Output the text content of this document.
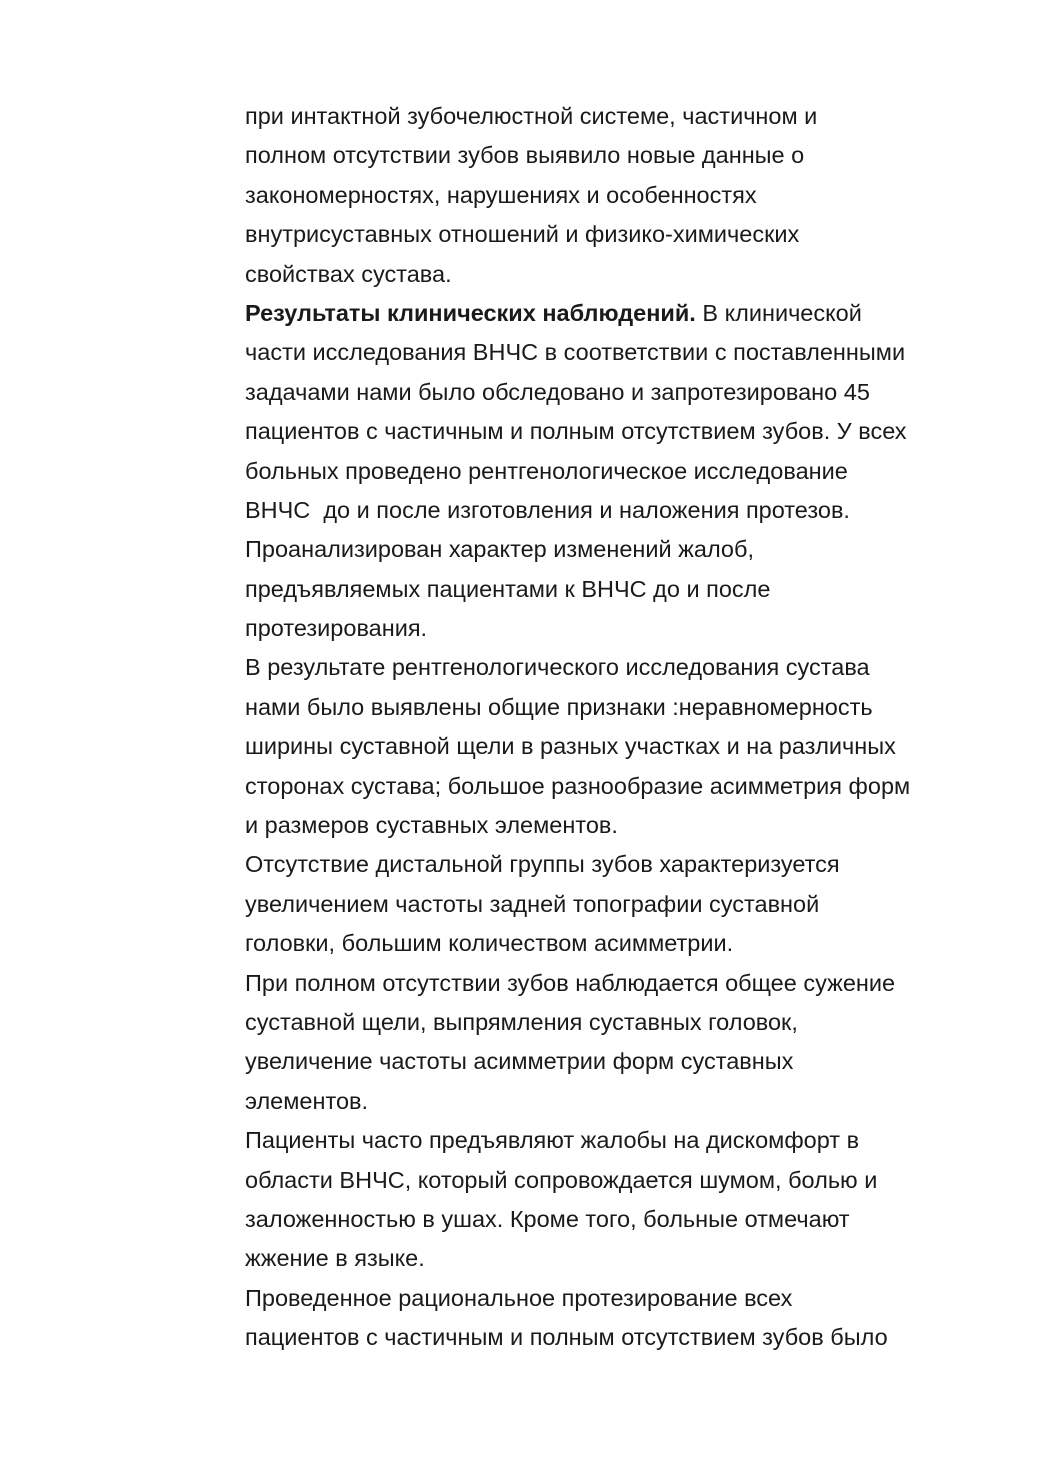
при интактной зубочелюстной системе, частичном и
полном отсутствии зубов выявило новые данные о
закономерностях, нарушениях и особенностях
внутрисуставных отношений и физико-химических
свойствах сустава.
Результаты клинических наблюдений. В клинической
части исследования ВНЧС в соответствии с поставленными
задачами нами было обследовано и запротезировано 45
пациентов с частичным и полным отсутствием зубов. У всех
больных проведено рентгенологическое исследование
ВНЧС  до и после изготовления и наложения протезов.
Проанализирован характер изменений жалоб,
предъявляемых пациентами к ВНЧС до и после
протезирования.
В результате рентгенологического исследования сустава
нами было выявлены общие признаки :неравномерность
ширины суставной щели в разных участках и на различных
сторонах сустава; большое разнообразие асимметрия форм
и размеров суставных элементов.
Отсутствие дистальной группы зубов характеризуется
увеличением частоты задней топографии суставной
головки, большим количеством асимметрии.
При полном отсутствии зубов наблюдается общее сужение
суставной щели, выпрямления суставных головок,
увеличение частоты асимметрии форм суставных
элементов.
Пациенты часто предъявляют жалобы на дискомфорт в
области ВНЧС, который сопровождается шумом, болью и
заложенностью в ушах. Кроме того, больные отмечают
жжение в языке.
Проведенное рациональное протезирование всех
пациентов с частичным и полным отсутствием зубов было
